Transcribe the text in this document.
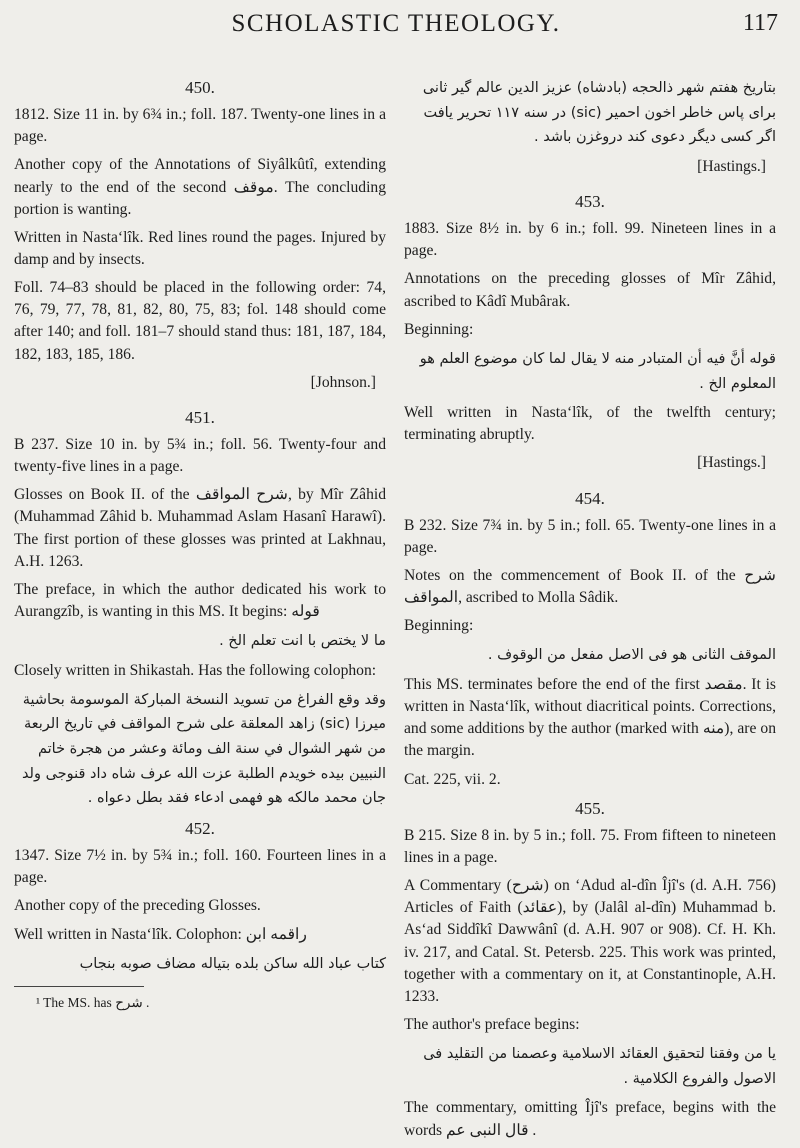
SCHOLASTIC THEOLOGY.	117
450.

1812. Size 11 in. by 6¾ in.; foll. 187. Twenty-one lines in a page.

Another copy of the Annotations of Siyâlkûtî, extending nearly to the end of the second موقف. The concluding portion is wanting.

Written in Nasta‘lîk. Red lines round the pages. Injured by damp and by insects.

Foll. 74–83 should be placed in the following order: 74, 76, 79, 77, 78, 81, 82, 80, 75, 83; fol. 148 should come after 140; and foll. 181–7 should stand thus: 181, 187, 184, 182, 183, 185, 186.

[Johnson.]
451.

B 237. Size 10 in. by 5¾ in.; foll. 56. Twenty-four and twenty-five lines in a page.

Glosses on Book II. of the شرح المواقف, by Mîr Zâhid (Muhammad Zâhid b. Muhammad Aslam Hasanî Harawî). The first portion of these glosses was printed at Lakhnau, A.H. 1263.

The preface, in which the author dedicated his work to Aurangzîb, is wanting in this MS. It begins: قوله

ما لا يختص با انت تعلم الخ .

Closely written in Shikastah. Has the following colophon:

وقد وقع الفراغ من تسويد النسخة المباركة الموسومة بحاشية ميرزا (sic) زاهد المعلقة على شرح المواقف في تاريخ الربعة من شهر الشوال في سنة الف ومائة وعشر من هجرة خاتم النبيين بيده خويدم الطلبة عزت الله عرف شاه داد قنوجى ولد جان محمد مالكه هو فهمى ادعاء فقد بطل دعواه .
452.

1347. Size 7½ in. by 5¾ in.; foll. 160. Fourteen lines in a page.

Another copy of the preceding Glosses.

Well written in Nasta‘lîk. Colophon: راقمه ابن

كتاب عباد الله ساكن بلده بتياله مضاف صوبه بنجاب
¹ The MS. has شرح .
بتاريخ هفتم شهر ذالحجه (بادشاه) عزيز الدين عالم گير ثانى براى پاس خاطر اخون احمير (sic) در سنه ١١٧ تحرير يافت اگر كسى ديگر دعوى كند دروغزن باشد .
[Hastings.]
453.

1883. Size 8½ in. by 6 in.; foll. 99. Nineteen lines in a page.

Annotations on the preceding glosses of Mîr Zâhid, ascribed to Kâdî Mubârak.

Beginning:

قوله أنَّ فيه أن المتبادر منه لا يقال لما كان موضوع العلم هو المعلوم الخ .

Well written in Nasta‘lîk, of the twelfth century; terminating abruptly.

[Hastings.]
454.

B 232. Size 7¾ in. by 5 in.; foll. 65. Twenty-one lines in a page.

Notes on the commencement of Book II. of the شرح المواقف, ascribed to Molla Sâdik.

Beginning:

الموقف الثانى هو فى الاصل مفعل من الوقوف .

This MS. terminates before the end of the first مقصد. It is written in Nasta‘lîk, without diacritical points. Corrections, and some additions by the author (marked with منه), are on the margin.

Cat. 225, vii. 2.

455.

B 215. Size 8 in. by 5 in.; foll. 75. From fifteen to nineteen lines in a page.

A Commentary (شرح) on ‘Adud al-dîn Îjî's (d. A.H. 756) Articles of Faith (عقائد), by (Jalâl al-dîn) Muhammad b. As‘ad Siddîkî Dawwânî (d. A.H. 907 or 908). Cf. H. Kh. iv. 217, and Catal. St. Petersb. 225. This work was printed, together with a commentary on it, at Constantinople, A.H. 1233.

The author's preface begins:

يا من وفقنا لتحقيق العقائد الاسلامية وعصمنا من التقليد فى الاصول والفروع الكلامية .

The commentary, omitting Îjî's preface, begins with the words قال النبى عم .
